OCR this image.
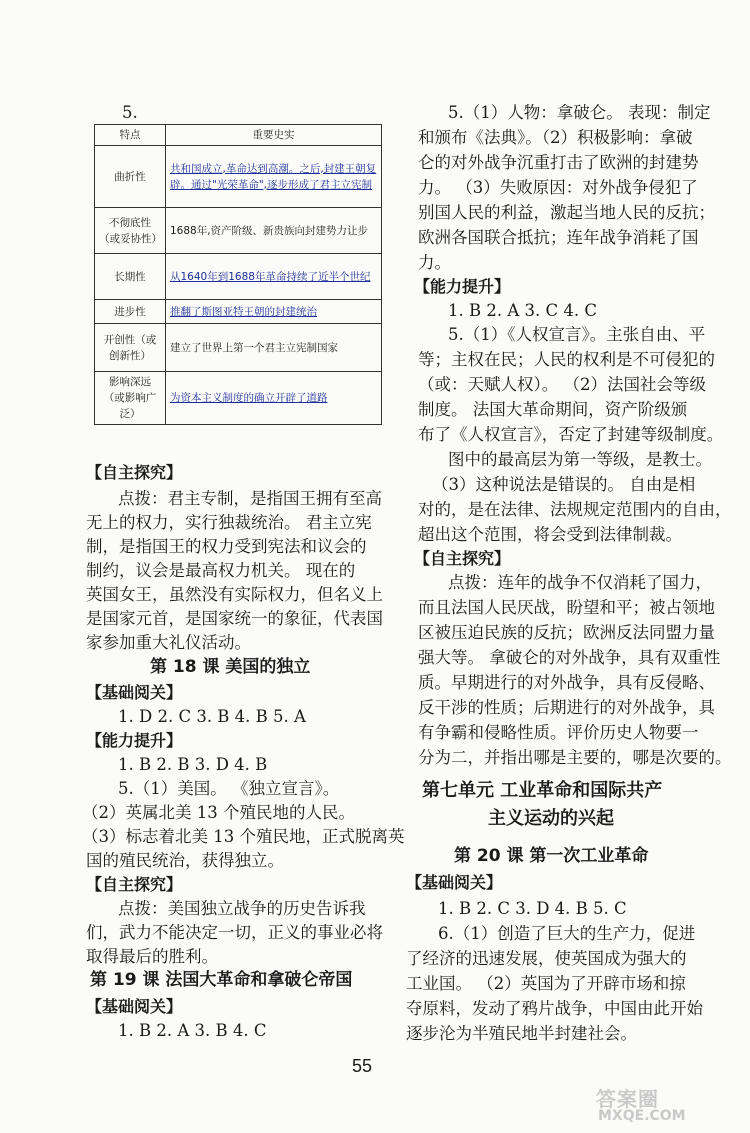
5.
特点	重要史实
曲折性	共和国成立,革命达到高潮。之后,封建王朝复辟。通过"光荣革命",逐步形成了君主立宪制
不彻底性（或妥协性）	1688年,资产阶级、新贵族向封建势力让步
长期性	从1640年到1688年革命持续了近半个世纪
进步性	推翻了斯图亚特王朝的封建统治
开创性（或创新性）	建立了世界上第一个君主立宪制国家
影响深远（或影响广泛）	为资本主义制度的确立开辟了道路
【自主探究】
点拨：君主专制，是指国王拥有至高
无上的权力，实行独裁统治。 君主立宪
制，是指国王的权力受到宪法和议会的
制约，议会是最高权力机关。 现在的
英国女王，虽然没有实际权力，但名义上
是国家元首，是国家统一的象征，代表国
家参加重大礼仪活动。
第 18 课 美国的独立
【基础阅关】
1. D 2. C 3. B 4. B 5. A
【能力提升】
1. B 2. B 3. D 4. B
5.（1）美国。 《独立宣言》。
（2）英属北美 13 个殖民地的人民。
（3）标志着北美 13 个殖民地，正式脱离英
国的殖民统治，获得独立。
【自主探究】
点拨：美国独立战争的历史告诉我
们，武力不能决定一切，正义的事业必将
取得最后的胜利。
第 19 课 法国大革命和拿破仑帝国
【基础阅关】
1. B 2. A 3. B 4. C
5.（1）人物：拿破仑。 表现：制定
和颁布《法典》。（2）积极影响：拿破
仑的对外战争沉重打击了欧洲的封建势
力。 （3）失败原因：对外战争侵犯了
别国人民的利益，激起当地人民的反抗；
欧洲各国联合抵抗；连年战争消耗了国
力。
【能力提升】
1. B 2. A 3. C 4. C
5.（1）《人权宣言》。主张自由、平
等；主权在民；人民的权利是不可侵犯的
（或：天赋人权）。 （2）法国社会等级
制度。 法国大革命期间，资产阶级颁
布了《人权宣言》，否定了封建等级制度。
图中的最高层为第一等级，是教士。
（3）这种说法是错误的。 自由是相
对的，是在法律、法规规定范围内的自由，
超出这个范围，将会受到法律制裁。
【自主探究】
点拨：连年的战争不仅消耗了国力，
而且法国人民厌战，盼望和平；被占领地
区被压迫民族的反抗；欧洲反法同盟力量
强大等。 拿破仑的对外战争，具有双重性
质。早期进行的对外战争，具有反侵略、
反干涉的性质；后期进行的对外战争，具
有争霸和侵略性质。评价历史人物要一
分为二，并指出哪是主要的，哪是次要的。
第七单元 工业革命和国际共产
主义运动的兴起
第 20 课 第一次工业革命
【基础阅关】
1. B 2. C 3. D 4. B 5. C
6.（1）创造了巨大的生产力，促进
了经济的迅速发展，使英国成为强大的
工业国。 （2）英国为了开辟市场和掠
夺原料，发动了鸦片战争，中国由此开始
逐步沦为半殖民地半封建社会。
55
答案圈
MXQE.COM
